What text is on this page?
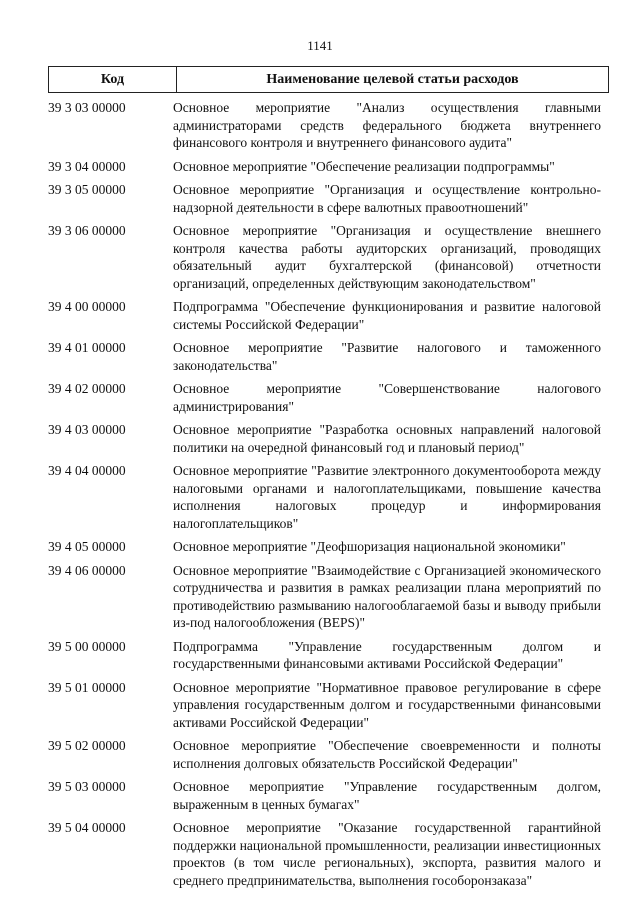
1141
Код	Наименование целевой статьи расходов
39 3 03 00000	Основное мероприятие "Анализ осуществления главными администраторами средств федерального бюджета внутреннего финансового контроля и внутреннего финансового аудита"
39 3 04 00000	Основное мероприятие "Обеспечение реализации подпрограммы"
39 3 05 00000	Основное мероприятие "Организация и осуществление контрольно-надзорной деятельности в сфере валютных правоотношений"
39 3 06 00000	Основное мероприятие "Организация и осуществление внешнего контроля качества работы аудиторских организаций, проводящих обязательный аудит бухгалтерской (финансовой) отчетности организаций, определенных действующим законодательством"
39 4 00 00000	Подпрограмма "Обеспечение функционирования и развитие налоговой системы Российской Федерации"
39 4 01 00000	Основное мероприятие "Развитие налогового и таможенного законодательства"
39 4 02 00000	Основное мероприятие "Совершенствование налогового администрирования"
39 4 03 00000	Основное мероприятие "Разработка основных направлений налоговой политики на очередной финансовый год и плановый период"
39 4 04 00000	Основное мероприятие "Развитие электронного документооборота между налоговыми органами и налогоплательщиками, повышение качества исполнения налоговых процедур и информирования налогоплательщиков"
39 4 05 00000	Основное мероприятие "Деофшоризация национальной экономики"
39 4 06 00000	Основное мероприятие "Взаимодействие с Организацией экономического сотрудничества и развития в рамках реализации плана мероприятий по противодействию размыванию налогооблагаемой базы и выводу прибыли из-под налогообложения (BEPS)"
39 5 00 00000	Подпрограмма "Управление государственным долгом и государственными финансовыми активами Российской Федерации"
39 5 01 00000	Основное мероприятие "Нормативное правовое регулирование в сфере управления государственным долгом и государственными финансовыми активами Российской Федерации"
39 5 02 00000	Основное мероприятие "Обеспечение своевременности и полноты исполнения долговых обязательств Российской Федерации"
39 5 03 00000	Основное мероприятие "Управление государственным долгом, выраженным в ценных бумагах"
39 5 04 00000	Основное мероприятие "Оказание государственной гарантийной поддержки национальной промышленности, реализации инвестиционных проектов (в том числе региональных), экспорта, развития малого и среднего предпринимательства, выполнения гособоронзаказа"
